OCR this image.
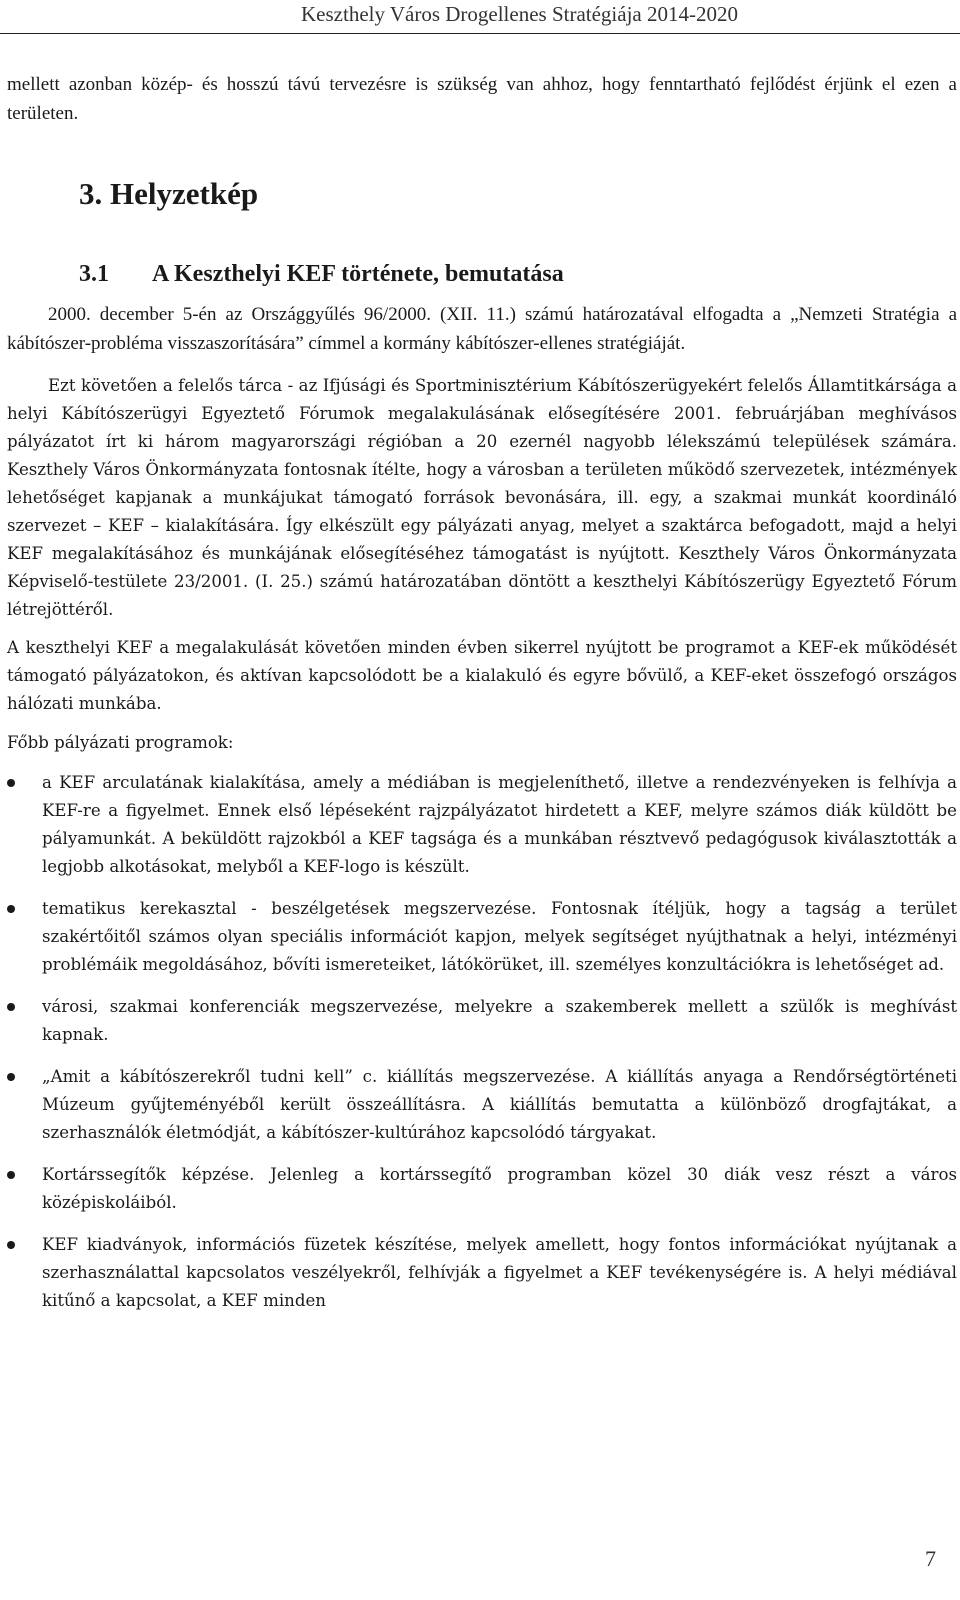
Keszthely Város Drogellenes Stratégiája 2014-2020

mellett azonban közép- és hosszú távú tervezésre is szükség van ahhoz, hogy fenntartható fejlődést érjünk el ezen a területen.

3. Helyzetkép
3.1 A Keszthelyi KEF története, bemutatása

2000. december 5-én az Országgyűlés 96/2000. (XII. 11.) számú határozatával elfogadta a „Nemzeti Stratégia a kábítószer-probléma visszaszorítására” címmel a kormány kábítószer-ellenes stratégiáját.

Ezt követően a felelős tárca - az Ifjúsági és Sportminisztérium Kábítószerügyekért felelős Államtitkársága a helyi Kábítószerügyi Egyeztető Fórumok megalakulásának elősegítésére 2001. februárjában meghívásos pályázatot írt ki három magyarországi régióban a 20 ezernél nagyobb lélekszámú települések számára. Keszthely Város Önkormányzata fontosnak ítélte, hogy a városban a területen működő szervezetek, intézmények lehetőséget kapjanak a munkájukat támogató források bevonására, ill. egy, a szakmai munkát koordináló szervezet – KEF – kialakítására. Így elkészült egy pályázati anyag, melyet a szaktárca befogadott, majd a helyi KEF megalakításához és munkájának elősegítéséhez támogatást is nyújtott. Keszthely Város Önkormányzata Képviselő-testülete 23/2001. (I. 25.) számú határozatában döntött a keszthelyi Kábítószerügy Egyeztető Fórum létrejöttéről.

A keszthelyi KEF a megalakulását követően minden évben sikerrel nyújtott be programot a KEF-ek működését támogató pályázatokon, és aktívan kapcsolódott be a kialakuló és egyre bővülő, a KEF-eket összefogó országos hálózati munkába.

Főbb pályázati programok:

a KEF arculatának kialakítása, amely a médiában is megjeleníthető, illetve a rendezvényeken is felhívja a KEF-re a figyelmet. Ennek első lépéseként rajzpályázatot hirdetett a KEF, melyre számos diák küldött be pályamunkát. A beküldött rajzokból a KEF tagsága és a munkában résztvevő pedagógusok kiválasztották a legjobb alkotásokat, melyből a KEF-logo is készült.

tematikus kerekasztal - beszélgetések megszervezése. Fontosnak ítéljük, hogy a tagság a terület szakértőitől számos olyan speciális információt kapjon, melyek segítséget nyújthatnak a helyi, intézményi problémáik megoldásához, bővíti ismereteiket, látókörüket, ill. személyes konzultációkra is lehetőséget ad.

városi, szakmai konferenciák megszervezése, melyekre a szakemberek mellett a szülők is meghívást kapnak.

„Amit a kábítószerekről tudni kell” c. kiállítás megszervezése. A kiállítás anyaga a Rendőrségtörténeti Múzeum gyűjteményéből került összeállításra. A kiállítás bemutatta a különböző drogfajtákat, a szerhasználók életmódját, a kábítószer-kultúrához kapcsolódó tárgyakat.

Kortárssegítők képzése. Jelenleg a kortárssegítő programban közel 30 diák vesz részt a város középiskoláiból.

KEF kiadványok, információs füzetek készítése, melyek amellett, hogy fontos információkat nyújtanak a szerhasználattal kapcsolatos veszélyekről, felhívják a figyelmet a KEF tevékenységére is. A helyi médiával kitűnő a kapcsolat, a KEF minden

7
